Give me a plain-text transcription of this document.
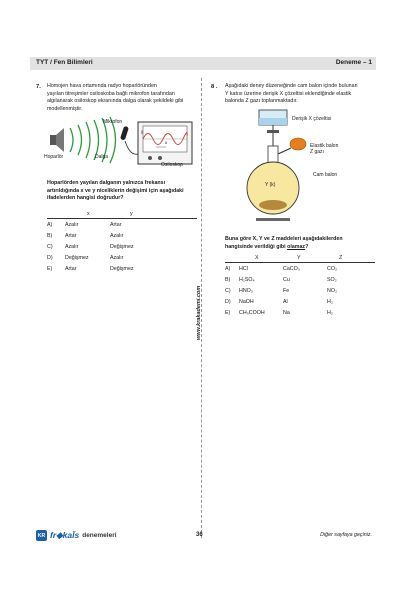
TYT / Fen Bilimleri	Deneme – 1
www.krakademi.com
7. Homojen hava ortamında radyo hoparlöründen
yayılan titreşimler osiloskoba bağlı mikrofon tarafından
algılanarak osiloskop ekranında dalga olarak şekildeki gibi
modellenmiştir.
Mikrofon
Hoparlör	Dalga
Osiloskop
y
x
Hoparlörden yayılan dalganın yalnızca frekansı
artırıldığında x ve y niceliklerin değişimi için aşağıdaki
ifadelerden hangisi doğrudur?
	x	y

A)	Azalır	Artar
B)	Artar	Azalır
C)	Azalır	Değişmez
D)	Değişmez	Azalır
E)	Artar	Değişmez
8 . Aşağıdaki deney düzeneğinde cam balon içinde bulunan
Y katısı üzerine derişik X çözeltisi eklendiğinde elastik
balonda Z gazı toplanmaktadır.
Derişik X çözeltisi
Elastik balon
Z gazı
Cam balon
Y (k)
Buna göre X, Y ve Z maddeleri aşağıdakilerden
hangisinde verildiği gibi olamaz?
	X	Y	Z

A)	HCl	CaCO₃	CO₂
B)	H₂SO₄	Cu	SO₂
C)	HNO₃	Fe	NO₂
D)	NaOH	Al	H₂
E)	CH₃COOH	Na	H₂
KR fr◆kal̄s denemeleri	36	Diğer sayfaya geçiniz.
